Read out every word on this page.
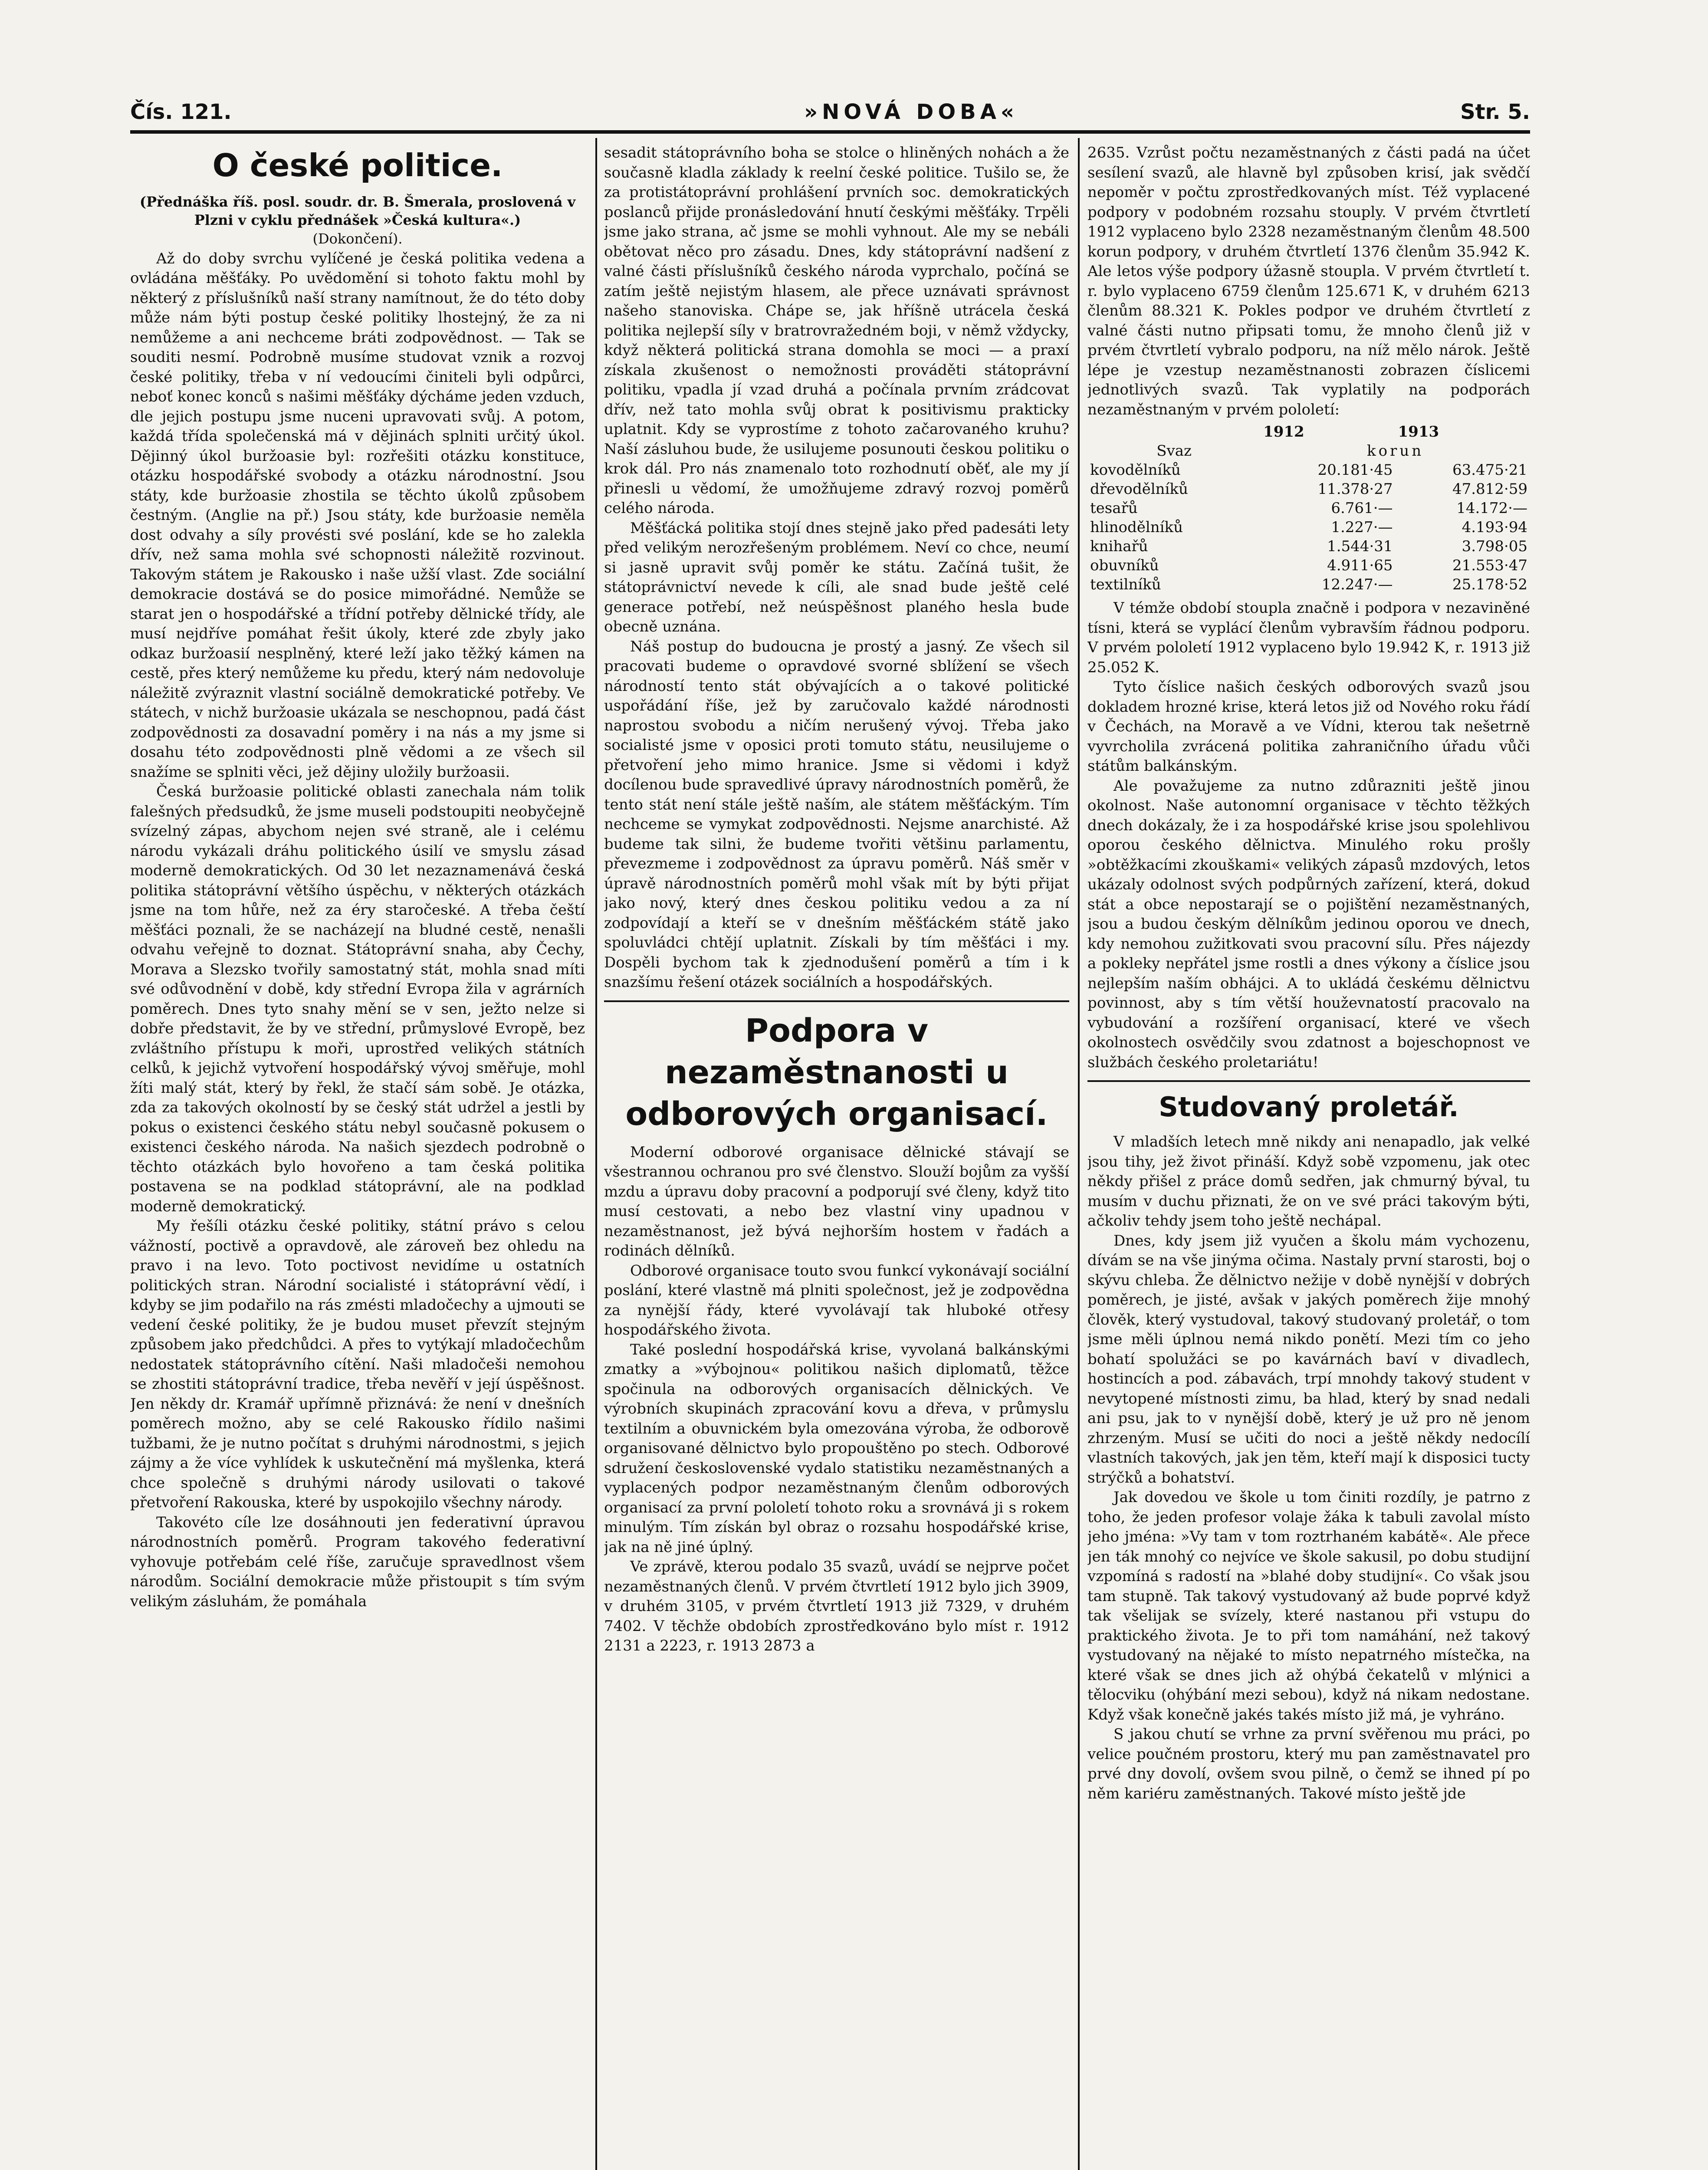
Čís. 121.	»NOVÁ DOBA«	Str. 5.
O české politice.

(Přednáška říš. posl. soudr. dr. B. Šmerala, proslovená v Plzni v cyklu přednášek »Česká kultura«.)

(Dokončení).

Až do doby svrchu vylíčené je česká politika vedena a ovládána měšťáky. Po uvědomění si tohoto faktu mohl by některý z příslušníků naší strany namítnout, že do této doby může nám býti postup české politiky lhostejný, že za ni nemůžeme a ani nechceme bráti zodpovědnost. — Tak se souditi nesmí. Podrobně musíme studovat vznik a rozvoj české politiky, třeba v ní vedoucími činiteli byli odpůrci, neboť konec konců s našimi měšťáky dýcháme jeden vzduch, dle jejich postupu jsme nuceni upravovati svůj. A potom, každá třída společenská má v dějinách splniti určitý úkol. Dějinný úkol buržoasie byl: rozřešiti otázku konstituce, otázku hospodářské svobody a otázku národnostní. Jsou státy, kde buržoasie zhostila se těchto úkolů způsobem čestným. (Anglie na př.) Jsou státy, kde buržoasie neměla dost odvahy a síly provésti své poslání, kde se ho zalekla dřív, než sama mohla své schopnosti náležitě rozvinout. Takovým státem je Rakousko i naše užší vlast. Zde sociální demokracie dostává se do posice mimořádné. Nemůže se starat jen o hospodářské a třídní potřeby dělnické třídy, ale musí nejdříve pomáhat řešit úkoly, které zde zbyly jako odkaz buržoasií nesplněný, které leží jako těžký kámen na cestě, přes který nemůžeme ku předu, který nám nedovoluje náležitě zvýraznit vlastní sociálně demokratické potřeby. Ve státech, v nichž buržoasie ukázala se neschopnou, padá část zodpovědnosti za dosavadní poměry i na nás a my jsme si dosahu této zodpovědnosti plně vědomi a ze všech sil snažíme se splniti věci, jež dějiny uložily buržoasii.

Česká buržoasie politické oblasti zanechala nám tolik falešných předsudků, že jsme museli podstoupiti neobyčejně svízelný zápas, abychom nejen své straně, ale i celému národu vykázali dráhu politického úsilí ve smyslu zásad moderně demokratických. Od 30 let nezaznamenává česká politika státoprávní většího úspěchu, v některých otázkách jsme na tom hůře, než za éry staročeské. A třeba čeští měšťáci poznali, že se nacházejí na bludné cestě, nenašli odvahu veřejně to doznat. Státoprávní snaha, aby Čechy, Morava a Slezsko tvořily samostatný stát, mohla snad míti své odůvodnění v době, kdy střední Evropa žila v agrárních poměrech. Dnes tyto snahy mění se v sen, ježto nelze si dobře představit, že by ve střední, průmyslové Evropě, bez zvláštního přístupu k moři, uprostřed velikých státních celků, k jejichž vytvoření hospodářský vývoj směřuje, mohl žíti malý stát, který by řekl, že stačí sám sobě. Je otázka, zda za takových okolností by se český stát udržel a jestli by pokus o existenci českého státu nebyl současně pokusem o existenci českého národa. Na našich sjezdech podrobně o těchto otázkách bylo hovořeno a tam česká politika postavena se na podklad státoprávní, ale na podklad moderně demokratický.

My řešíli otázku české politiky, státní právo s celou vážností, poctivě a opravdově, ale zároveň bez ohledu na pravo i na levo. Toto poctivost nevidíme u ostatních politických stran. Národní socialisté i státoprávní vědí, i kdyby se jim podařilo na rás zmésti mladočechy a ujmouti se vedení české politiky, že je budou muset převzít stejným způsobem jako předchůdci. A přes to vytýkají mladočechům nedostatek státoprávního cítění. Naši mladočeši nemohou se zhostiti státoprávní tradice, třeba nevěří v její úspěšnost. Jen někdy dr. Kramář upřímně přiznává: že není v dnešních poměrech možno, aby se celé Rakousko řídilo našimi tužbami, že je nutno počítat s druhými národnostmi, s jejich zájmy a že více vyhlídek k uskutečnění má myšlenka, která chce společně s druhými národy usilovati o takové přetvoření Rakouska, které by uspokojilo všechny národy.

Takovéto cíle lze dosáhnouti jen federativní úpravou národnostních poměrů. Program takového federativní vyhovuje potřebám celé říše, zaručuje spravedlnost všem národům. Sociální demokracie může přistoupit s tím svým velikým zásluhám, že pomáhala

sesadit státoprávního boha se stolce o hliněných nohách a že současně kladla základy k reelní české politice. Tušilo se, že za protistátoprávní prohlášení prvních soc. demokratických poslanců přijde pronásledování hnutí českými měšťáky. Trpěli jsme jako strana, ač jsme se mohli vyhnout. Ale my se nebáli obětovat něco pro zásadu. Dnes, kdy státoprávní nadšení z valné části příslušníků českého národa vyprchalo, počíná se zatím ještě nejistým hlasem, ale přece uznávati správnost našeho stanoviska. Chápe se, jak hříšně utrácela česká politika nejlepší síly v bratrovražedném boji, v němž vždycky, když některá politická strana domohla se moci — a praxí získala zkušenost o nemožnosti prováděti státoprávní politiku, vpadla jí vzad druhá a počínala prvním zrádcovat dřív, než tato mohla svůj obrat k positivismu prakticky uplatnit. Kdy se vyprostíme z tohoto začarovaného kruhu? Naší zásluhou bude, že usilujeme posunouti českou politiku o krok dál. Pro nás znamenalo toto rozhodnutí oběť, ale my jí přinesli u vědomí, že umožňujeme zdravý rozvoj poměrů celého národa.

Měšťácká politika stojí dnes stejně jako před padesáti lety před velikým nerozřešeným problémem. Neví co chce, neumí si jasně upravit svůj poměr ke státu. Začíná tušit, že státoprávnictví nevede k cíli, ale snad bude ještě celé generace potřebí, než neúspěšnost planého hesla bude obecně uznána.

Náš postup do budoucna je prostý a jasný. Ze všech sil pracovati budeme o opravdové svorné sblížení se všech národností tento stát obývajících a o takové politické uspořádání říše, jež by zaručovalo každé národnosti naprostou svobodu a ničím nerušený vývoj. Třeba jako socialisté jsme v oposici proti tomuto státu, neusilujeme o přetvoření jeho mimo hranice. Jsme si vědomi i když docílenou bude spravedlivé úpravy národnostních poměrů, že tento stát není stále ještě naším, ale státem měšťáckým. Tím nechceme se vymykat zodpovědnosti. Nejsme anarchisté. Až budeme tak silni, že budeme tvořiti většinu parlamentu, převezmeme i zodpovědnost za úpravu poměrů. Náš směr v úpravě národnostních poměrů mohl však mít by býti přijat jako nový, který dnes českou politiku vedou a za ní zodpovídají a kteří se v dnešním měšťáckém státě jako spoluvládci chtějí uplatnit. Získali by tím měšťáci i my. Dospěli bychom tak k zjednodušení poměrů a tím i k snazšímu řešení otázek sociálních a hospodářských.

Podpora v nezaměstnanosti u odborových organisací.

Moderní odborové organisace dělnické stávají se všestrannou ochranou pro své členstvo. Slouží bojům za vyšší mzdu a úpravu doby pracovní a podporují své členy, když tito musí cestovati, a nebo bez vlastní viny upadnou v nezaměstnanost, jež bývá nejhorším hostem v řadách a rodinách dělníků.

Odborové organisace touto svou funkcí vykonávají sociální poslání, které vlastně má plniti společnost, jež je zodpovědna za nynější řády, které vyvolávají tak hluboké otřesy hospodářského života.

Také poslední hospodářská krise, vyvolaná balkánskými zmatky a »výbojnou« politikou našich diplomatů, těžce spočinula na odborových organisacích dělnických. Ve výrobních skupinách zpracování kovu a dřeva, v průmyslu textilním a obuvnickém byla omezována výroba, že odborově organisované dělnictvo bylo propouštěno po stech. Odborové sdružení československé vydalo statistiku nezaměstnaných a vyplacených podpor nezaměstnaným členům odborových organisací za první pololetí tohoto roku a srovnává ji s rokem minulým. Tím získán byl obraz o rozsahu hospodářské krise, jak na ně jiné úplný.

Ve zprávě, kterou podalo 35 svazů, uvádí se nejprve počet nezaměstnaných členů. V prvém čtvrtletí 1912 bylo jich 3909, v druhém 3105, v prvém čtvrtletí 1913 již 7329, v druhém 7402. V těchže obdobích zprostředkováno bylo míst r. 1912 2131 a 2223, r. 1913 2873 a

2635. Vzrůst počtu nezaměstnaných z části padá na účet sesílení svazů, ale hlavně byl způsoben krisí, jak svědčí nepoměr v počtu zprostředkovaných míst. Též vyplacené podpory v podobném rozsahu stouply. V prvém čtvrtletí 1912 vyplaceno bylo 2328 nezaměstnaným členům 48.500 korun podpory, v druhém čtvrtletí 1376 členům 35.942 K. Ale letos výše podpory úžasně stoupla. V prvém čtvrtletí t. r. bylo vyplaceno 6759 členům 125.671 K, v druhém 6213 členům 88.321 K. Pokles podpor ve druhém čtvrtletí z valné části nutno připsati tomu, že mnoho členů již v prvém čtvrtletí vybralo podporu, na níž mělo nárok. Ještě lépe je vzestup nezaměstnanosti zobrazen číslicemi jednotlivých svazů. Tak vyplatily na podporách nezaměstnaným v prvém pololetí:

	1912	1913
Svaz	korun	
kovodělníků	20.181·45	63.475·21
dřevodělníků	11.378·27	47.812·59
tesařů	6.761·—	14.172·—
hlinodělníků	1.227·—	4.193·94
knihařů	1.544·31	3.798·05
obuvníků	4.911·65	21.553·47
textilníků	12.247·—	25.178·52

V témže období stoupla značně i podpora v nezaviněné tísni, která se vyplácí členům vybravším řádnou podporu. V prvém pololetí 1912 vyplaceno bylo 19.942 K, r. 1913 již 25.052 K.

Tyto číslice našich českých odborových svazů jsou dokladem hrozné krise, která letos již od Nového roku řádí v Čechách, na Moravě a ve Vídni, kterou tak nešetrně vyvrcholila zvrácená politika zahraničního úřadu vůči státům balkánským.

Ale považujeme za nutno zdůrazniti ještě jinou okolnost. Naše autonomní organisace v těchto těžkých dnech dokázaly, že i za hospodářské krise jsou spolehlivou oporou českého dělnictva. Minulého roku prošly »obtěžkacími zkouškami« velikých zápasů mzdových, letos ukázaly odolnost svých podpůrných zařízení, která, dokud stát a obce nepostarají se o pojištění nezaměstnaných, jsou a budou českým dělníkům jedinou oporou ve dnech, kdy nemohou zužitkovati svou pracovní sílu. Přes nájezdy a pokleky nepřátel jsme rostli a dnes výkony a číslice jsou nejlepším naším obhájci. A to ukládá českému dělnictvu povinnost, aby s tím větší houževnatostí pracovalo na vybudování a rozšíření organisací, které ve všech okolnostech osvědčily svou zdatnost a bojeschopnost ve službách českého proletariátu!

Studovaný proletář.

V mladších letech mně nikdy ani nenapadlo, jak velké jsou tihy, jež život přináší. Když sobě vzpomenu, jak otec někdy přišel z práce domů sedřen, jak chmurný býval, tu musím v duchu přiznati, že on ve své práci takovým býti, ačkoliv tehdy jsem toho ještě nechápal.

Dnes, kdy jsem již vyučen a školu mám vychozenu, dívám se na vše jinýma očima. Nastaly první starosti, boj o skývu chleba. Že dělnictvo nežije v době nynější v dobrých poměrech, je jisté, avšak v jakých poměrech žije mnohý člověk, který vystudoval, takový studovaný proletář, o tom jsme měli úplnou nemá nikdo ponětí. Mezi tím co jeho bohatí spolužáci se po kavárnách baví v divadlech, hostincích a pod. zábavách, trpí mnohdy takový student v nevytopené místnosti zimu, ba hlad, který by snad nedali ani psu, jak to v nynější době, který je už pro ně jenom zhrzeným. Musí se učiti do noci a ještě někdy nedocílí vlastních takových, jak jen těm, kteří mají k disposici tucty strýčků a bohatství.

Jak dovedou ve škole u tom činiti rozdíly, je patrno z toho, že jeden profesor volaje žáka k tabuli zavolal místo jeho jména: »Vy tam v tom roztrhaném kabátě«. Ale přece jen ták mnohý co nejvíce ve škole sakusil, po dobu studijní vzpomíná s radostí na »blahé doby studijní«. Co však jsou tam stupně. Tak takový vystudovaný až bude poprvé když tak všelijak se svízely, které nastanou při vstupu do praktického života. Je to při tom namáhání, než takový vystudovaný na nějaké to místo nepatrného místečka, na které však se dnes jich až ohýbá čekatelů v mlýnici a tělocviku (ohýbání mezi sebou), když ná nikam nedostane. Když však konečně jakés takés místo již má, je vyhráno.

S jakou chutí se vrhne za první svěřenou mu práci, po velice poučném prostoru, který mu pan zaměstnavatel pro prvé dny dovolí, ovšem svou pilně, o čemž se ihned pí po něm kariéru zaměstnaných. Takové místo ještě jde
